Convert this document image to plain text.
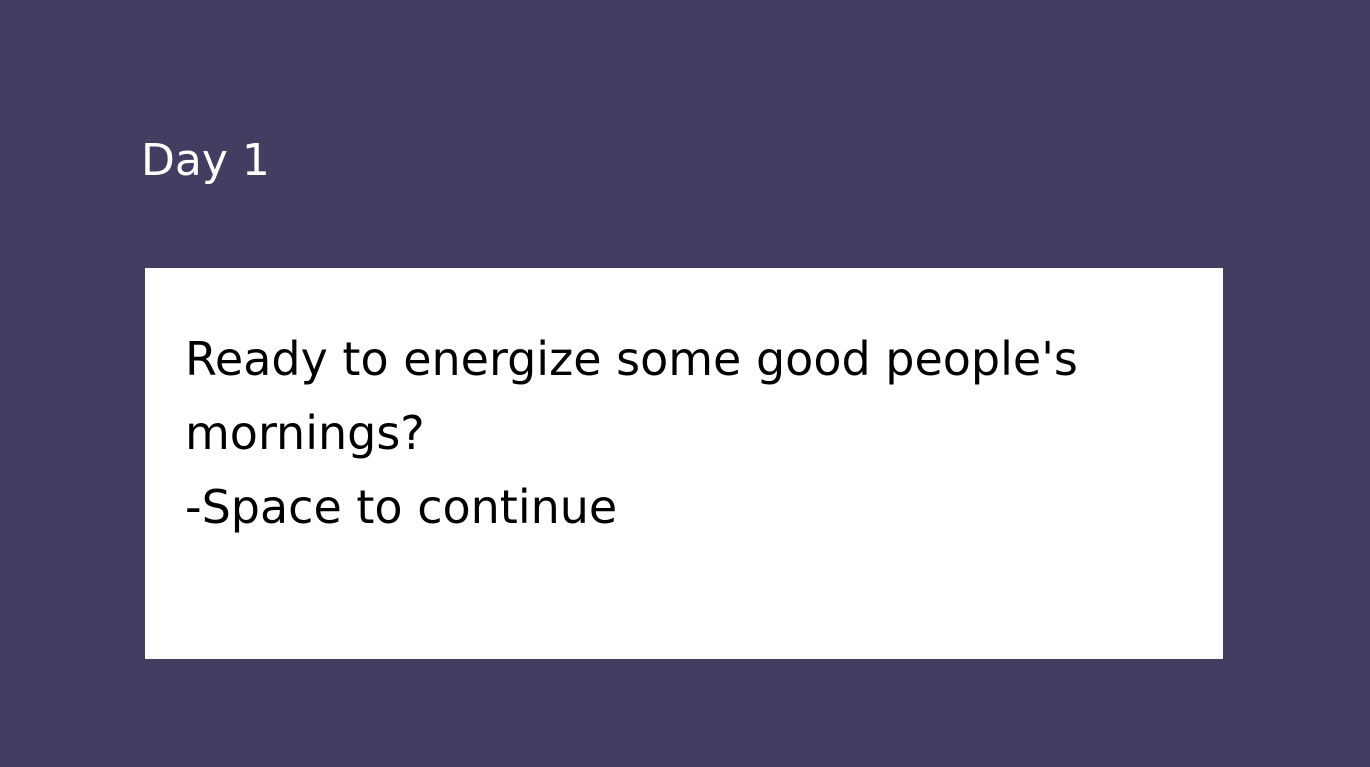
Day 1
Ready to energize some good people's
mornings?
-Space to continue
